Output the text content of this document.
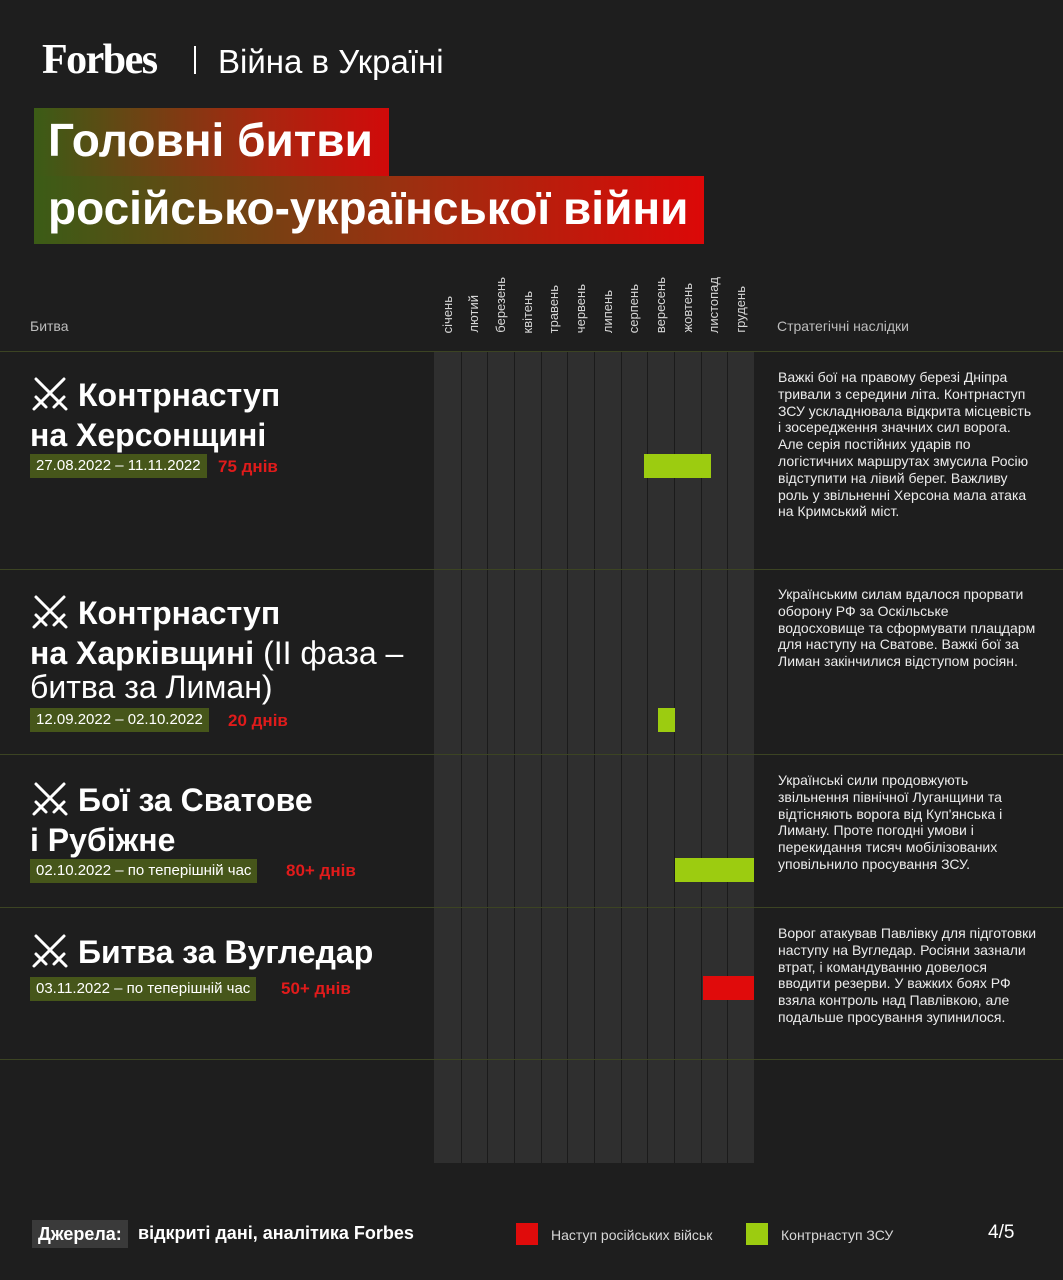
Forbes Війна в Україні
Головні битви
російсько-української війни
Битва	Стратегічні наслідки
січень лютий березень квітень травень червень липень серпень вересень жовтень листопад грудень
Контрнаступ
на Херсонщині
27.08.2022 – 11.11.2022	75 днів
Важкі бої на правому березі Дніпра тривали з середини літа. Контрнаступ ЗСУ ускладнювала відкрита місцевість і зосередження значних сил ворога. Але серія постійних ударів по логістичних маршрутах змусила Росію відступити на лівий берег. Важливу роль у звільненні Херсона мала атака на Кримський міст.
Контрнаступ
на Харківщині (ІІ фаза –
битва за Лиман)
12.09.2022 – 02.10.2022	20 днів
Українським силам вдалося прорвати оборону РФ за Оскільське водосховище та сформувати плацдарм для наступу на Сватове. Важкі бої за Лиман закінчилися відступом росіян.
Бої за Сватове
і Рубіжне
02.10.2022 – по теперішній час	80+ днів
Українські сили продовжують звільнення північної Луганщини та відтісняють ворога від Куп'янська і Лиману. Проте погодні умови і перекидання тисяч мобілізованих уповільнило просування ЗСУ.
Битва за Вугледар
03.11.2022 – по теперішній час	50+ днів
Ворог атакував Павлівку для підготовки наступу на Вугледар. Росіяни зазнали втрат, і командуванню довелося вводити резерви. У важких боях РФ взяла контроль над Павлівкою, але подальше просування зупинилося.
Джерела: відкриті дані, аналітика Forbes	Наступ російських військ	Контрнаступ ЗСУ	4/5
